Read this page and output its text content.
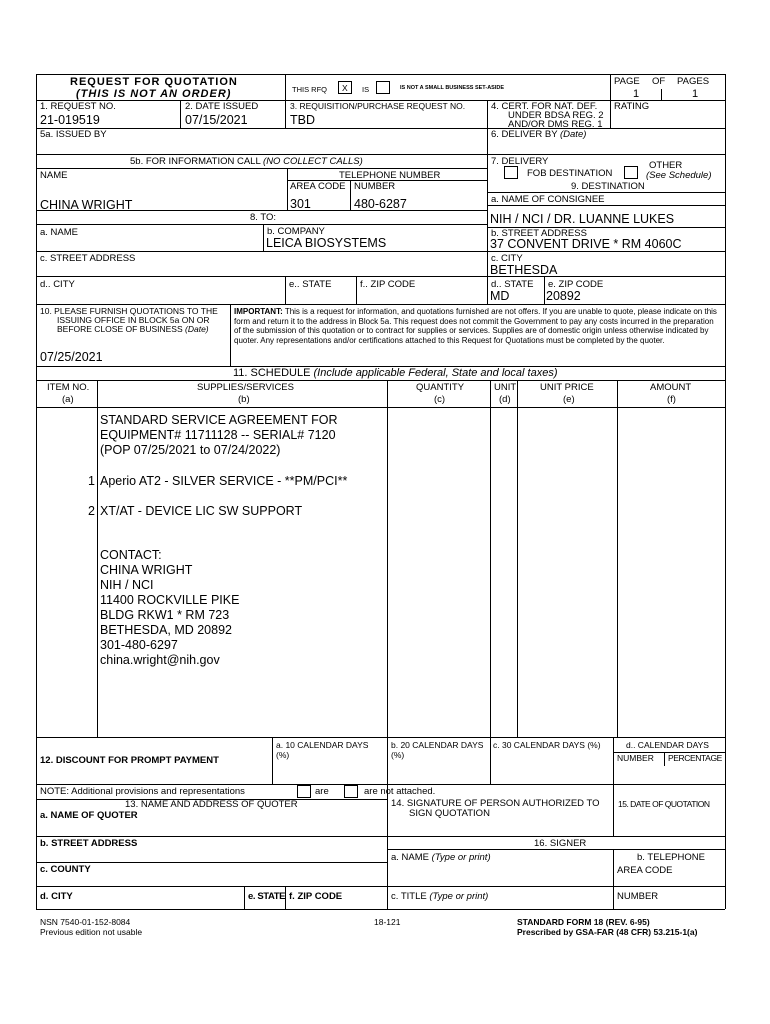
REQUEST FOR QUOTATION
(THIS IS NOT AN ORDER)	THIS RFQ X IS	IS NOT A SMALL BUSINESS SET-ASIDE
PAGE OF PAGES
1	1
1. REQUEST NO.
21-019519
2. DATE ISSUED
07/15/2021
3. REQUISITION/PURCHASE REQUEST NO.
TBD
4. CERT. FOR NAT. DEF.
UNDER BDSA REG. 2
AND/OR DMS REG. 1
RATING
5a. ISSUED BY	6. DELIVER BY (Date)
5b. FOR INFORMATION CALL (NO COLLECT CALLS)
NAME	TELEPHONE NUMBER
AREA CODE NUMBER
CHINA WRIGHT	301	480-6287
7. DELIVERY
FOB DESTINATION
OTHER
(See Schedule)
9. DESTINATION
a. NAME OF CONSIGNEE
NIH / NCI / DR. LUANNE LUKES
b. STREET ADDRESS
37 CONVENT DRIVE * RM 4060C
c. CITY
BETHESDA
d.. STATE
MD
e. ZIP CODE
20892
8. TO:
a. NAME	b. COMPANY
LEICA BIOSYSTEMS
c. STREET ADDRESS
d.. CITY	e.. STATE	f.. ZIP CODE
10. PLEASE FURNISH QUOTATIONS TO THE
ISSUING OFFICE IN BLOCK 5a ON OR
BEFORE CLOSE OF BUSINESS (Date)
07/25/2021
IMPORTANT: This is a request for information, and quotations furnished are not offers. If you are unable to quote, please indicate on this form and return it to the address in Block 5a. This request does not commit the Government to pay any costs incurred in the preparation of the submission of this quotation or to contract for supplies or services. Supplies are of domestic origin unless otherwise indicated by quoter. Any representations and/or certifications attached to this Request for Quotations must be completed by the quoter.
11. SCHEDULE (Include applicable Federal, State and local taxes)
ITEM NO.
(a)
SUPPLIES/SERVICES
(b)
QUANTITY
(c)
UNIT
(d)
UNIT PRICE
(e)
AMOUNT
(f)
STANDARD SERVICE AGREEMENT FOR
EQUIPMENT# 11711128 -- SERIAL# 7120
(POP 07/25/2021 to 07/24/2022)
1 Aperio AT2 - SILVER SERVICE - **PM/PCI**
2 XT/AT - DEVICE LIC SW SUPPORT
CONTACT:
CHINA WRIGHT
NIH / NCI
11400 ROCKVILLE PIKE
BLDG RKW1 * RM 723
BETHESDA, MD 20892
301-480-6297
china.wright@nih.gov
12. DISCOUNT FOR PROMPT PAYMENT
a. 10 CALENDAR DAYS
(%)
b. 20 CALENDAR DAYS
(%)
c. 30 CALENDAR DAYS (%)	d.. CALENDAR DAYS
NUMBER PERCENTAGE
NOTE: Additional provisions and representations	are	are not attached.
13. NAME AND ADDRESS OF QUOTER
a. NAME OF QUOTER
b. STREET ADDRESS
c. COUNTY
d. CITY	e. STATE f. ZIP CODE
14. SIGNATURE OF PERSON AUTHORIZED TO
SIGN QUOTATION
15. DATE OF QUOTATION
16. SIGNER
a. NAME (Type or print)	b. TELEPHONE
AREA CODE
c. TITLE (Type or print)	NUMBER
NSN 7540-01-152-8084
Previous edition not usable
18-121	STANDARD FORM 18 (REV. 6-95)
Prescribed by GSA-FAR (48 CFR) 53.215-1(a)
